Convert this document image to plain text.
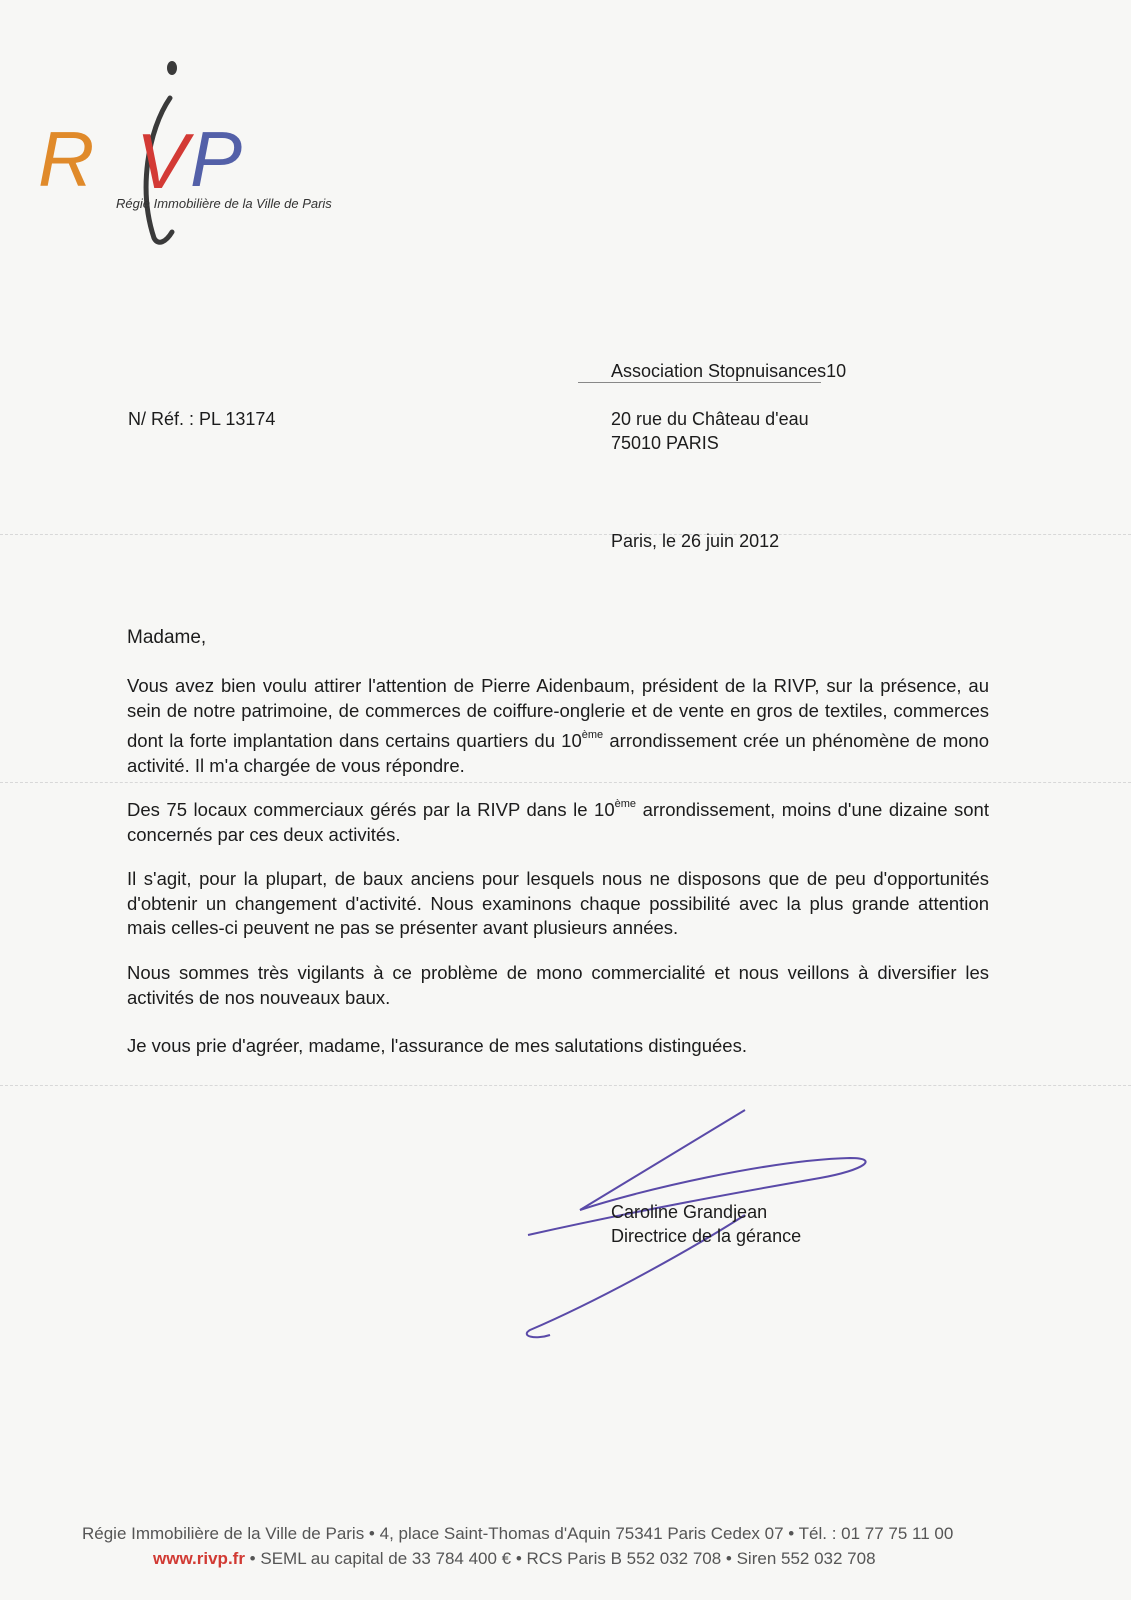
R V P
Régie Immobilière de la Ville de Paris
Association Stopnuisances10
20 rue du Château d'eau
75010 PARIS
N/ Réf. : PL 13174
Paris, le 26 juin 2012
Madame,
Vous avez bien voulu attirer l'attention de Pierre Aidenbaum, président de la RIVP, sur la présence, au sein de notre patrimoine, de commerces de coiffure-onglerie et de vente en gros de textiles, commerces dont la forte implantation dans certains quartiers du 10ème arrondissement crée un phénomène de mono activité. Il m'a chargée de vous répondre.
Des 75 locaux commerciaux gérés par la RIVP dans le 10ème arrondissement, moins d'une dizaine sont concernés par ces deux activités.
Il s'agit, pour la plupart, de baux anciens pour lesquels nous ne disposons que de peu d'opportunités d'obtenir un changement d'activité. Nous examinons chaque possibilité avec la plus grande attention mais celles-ci peuvent ne pas se présenter avant plusieurs années.
Nous sommes très vigilants à ce problème de mono commercialité et nous veillons à diversifier les activités de nos nouveaux baux.
Je vous prie d'agréer, madame, l'assurance de mes salutations distinguées.
Caroline Grandjean
Directrice de la gérance
Régie Immobilière de la Ville de Paris • 4, place Saint-Thomas d'Aquin 75341 Paris Cedex 07 • Tél. : 01 77 75 11 00
www.rivp.fr • SEML au capital de 33 784 400 € • RCS Paris B 552 032 708 • Siren 552 032 708
